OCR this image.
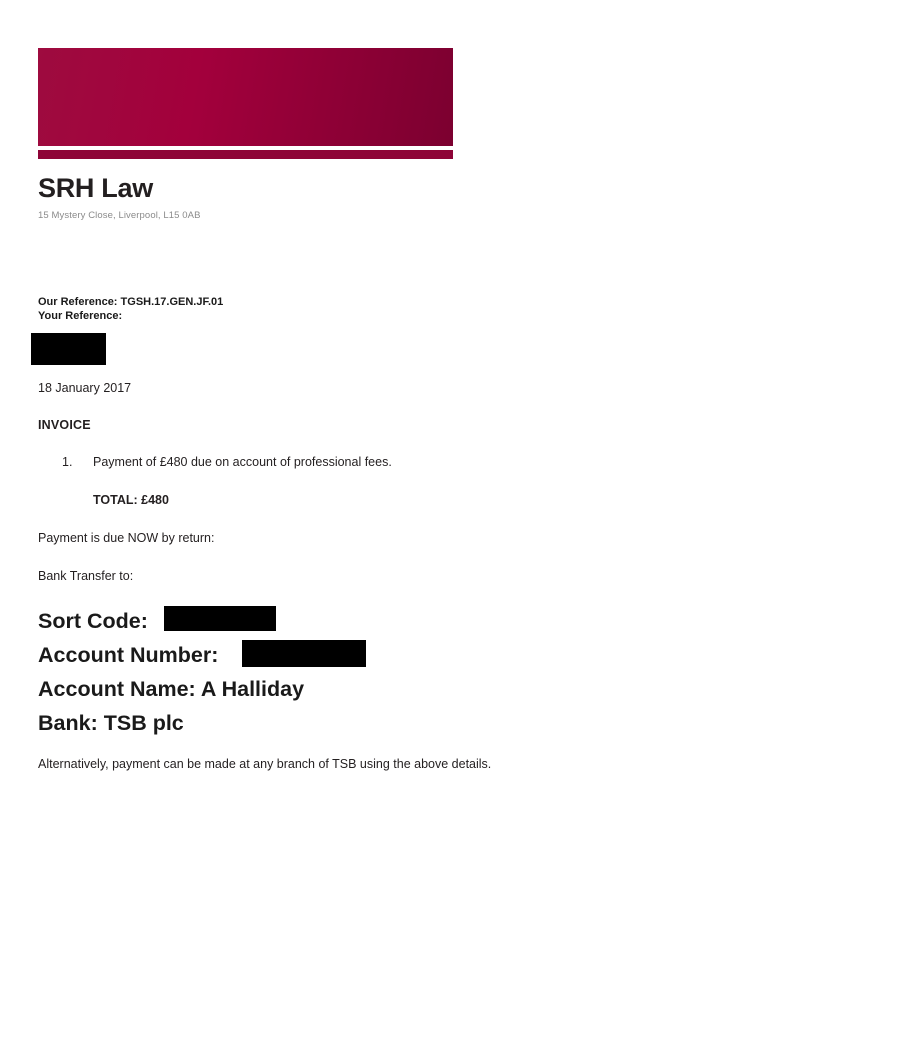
SRH Law
15 Mystery Close, Liverpool, L15 0AB
Our Reference: TGSH.17.GEN.JF.01
Your Reference:
18 January 2017
INVOICE
1. Payment of £480 due on account of professional fees.
TOTAL: £480
Payment is due NOW by return:
Bank Transfer to:
Sort Code:
Account Number:
Account Name: A Halliday
Bank: TSB plc
Alternatively, payment can be made at any branch of TSB using the above details.
